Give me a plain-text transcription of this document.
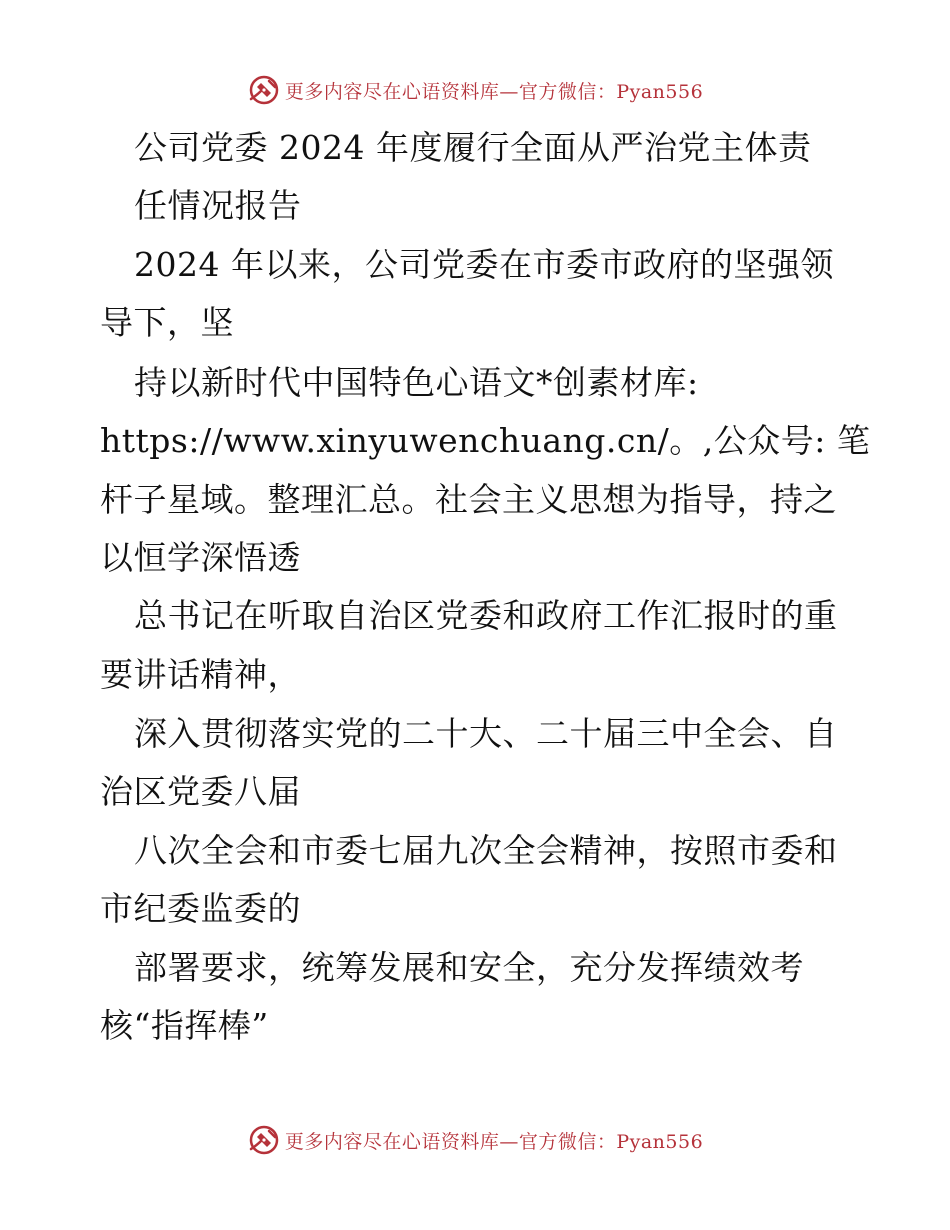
更多内容尽在心语资料库—官方微信：Pyan556
公司党委 2024 年度履行全面从严治党主体责
任情况报告
2024 年以来，公司党委在市委市政府的坚强领
导下，坚
持以新时代中国特色心语文*创素材库:
https://www.xinyuwenchuang.cn/。,公众号: 笔
杆子星域。整理汇总。社会主义思想为指导，持之
以恒学深悟透
总书记在听取自治区党委和政府工作汇报时的重
要讲话精神，
深入贯彻落实党的二十大、二十届三中全会、自
治区党委八届
八次全会和市委七届九次全会精神，按照市委和
市纪委监委的
部署要求，统筹发展和安全，充分发挥绩效考
核“指挥棒”
更多内容尽在心语资料库—官方微信：Pyan556
